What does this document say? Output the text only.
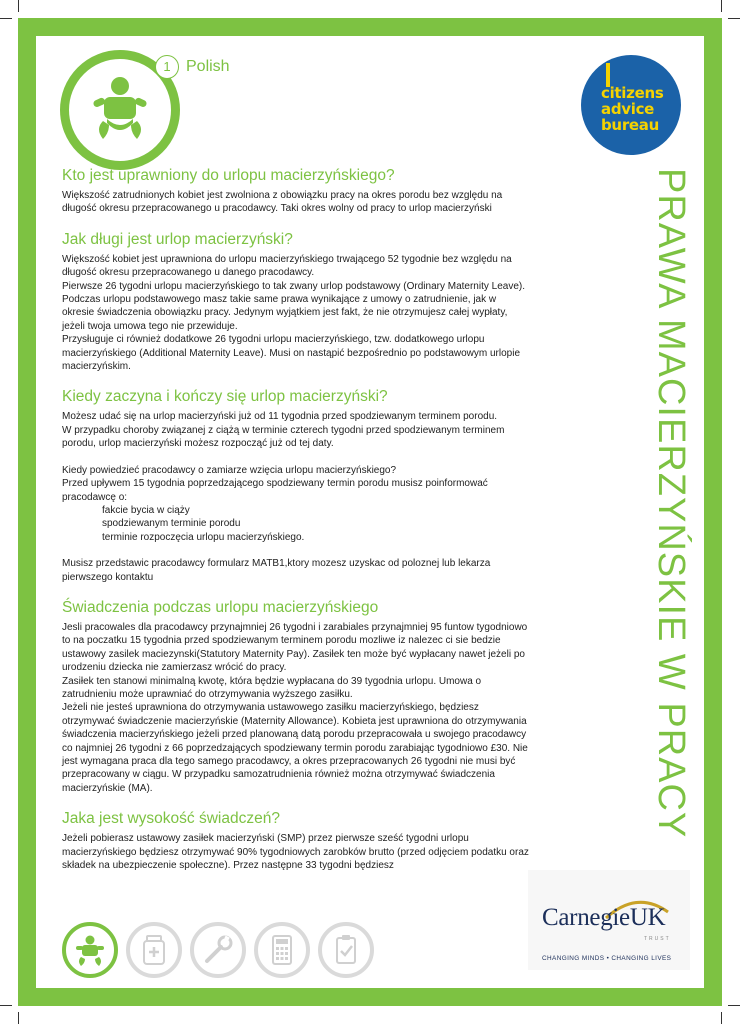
1 Polish
citizens
advice
bureau
PRAWA MACIERZYŃSKIE W PRACY
Kto jest uprawniony do urlopu macierzyńskiego?

Większość zatrudnionych kobiet jest zwolniona z obowiązku pracy na okres porodu bez względu na długość okresu przepracowanego u pracodawcy. Taki okres wolny od pracy to urlop macierzyński

Jak długi jest urlop macierzyński?

Większość kobiet jest uprawniona do urlopu macierzyńskiego trwającego 52 tygodnie bez względu na długość okresu przepracowanego u danego pracodawcy.

Pierwsze 26 tygodni urlopu macierzyńskiego to tak zwany urlop podstawowy (Ordinary Maternity Leave). Podczas urlopu podstawowego masz takie same prawa wynikające z umowy o zatrudnienie, jak w okresie świadczenia obowiązku pracy. Jedynym wyjątkiem jest fakt, że nie otrzymujesz całej wypłaty, jeżeli twoja umowa tego nie przewiduje.

Przysługuje ci również dodatkowe 26 tygodni urlopu macierzyńskiego, tzw. dodatkowego urlopu macierzyńskiego (Additional Maternity Leave). Musi on nastąpić bezpośrednio po podstawowym urlopie macierzyńskim.

Kiedy zaczyna i kończy się urlop macierzyński?

Możesz udać się na urlop macierzyński już od 11 tygodnia przed spodziewanym terminem porodu.

W przypadku choroby związanej z ciążą w terminie czterech tygodni przed spodziewanym terminem porodu, urlop macierzyński możesz rozpocząć już od tej daty.

Kiedy powiedzieć pracodawcy o zamiarze wzięcia urlopu macierzyńskiego?

Przed upływem 15 tygodnia poprzedzającego spodziewany termin porodu musisz poinformować pracodawcę o:

fakcie bycia w ciąży

spodziewanym terminie porodu

terminie rozpoczęcia urlopu macierzyńskiego.

Musisz przedstawic pracodawcy formularz MATB1,ktory mozesz uzyskac od poloznej lub lekarza pierwszego kontaktu

Świadczenia podczas urlopu macierzyńskiego

Jesli pracowales dla pracodawcy przynajmniej 26 tygodni i zarabiales przynajmniej 95 funtow tygodniowo to na poczatku 15 tygodnia przed spodziewanym terminem porodu mozliwe iz nalezec ci sie bedzie ustawowy zasilek maciezynski(Statutory Maternity Pay). Zasiłek ten może być wypłacany nawet jeżeli po urodzeniu dziecka nie zamierzasz wrócić do pracy.

Zasiłek ten stanowi minimalną kwotę, która będzie wypłacana do 39 tygodnia urlopu. Umowa o zatrudnieniu może uprawniać do otrzymywania wyższego zasiłku.

Jeżeli nie jesteś uprawniona do otrzymywania ustawowego zasiłku macierzyńskiego, będziesz otrzymywać świadczenie macierzyńskie (Maternity Allowance). Kobieta jest uprawniona do otrzymywania świadczenia macierzyńskiego jeżeli przed planowaną datą porodu przepracowała u swojego pracodawcy co najmniej 26 tygodni z 66 poprzedzających spodziewany termin porodu zarabiając tygodniowo £30. Nie jest wymagana praca dla tego samego pracodawcy, a okres przepracowanych 26 tygodni nie musi być przepracowany w ciągu. W przypadku samozatrudnienia również można otrzymywać świadczenia macierzyńskie (MA).

Jaka jest wysokość świadczeń?

Jeżeli pobierasz ustawowy zasiłek macierzyński (SMP) przez pierwsze sześć tygodni urlopu macierzyńskiego będziesz otrzymywać 90% tygodniowych zarobków brutto (przed odjęciem podatku oraz składek na ubezpieczenie społeczne). Przez następne 33 tygodni będziesz

CarnegieUK
TRUST
CHANGING MINDS • CHANGING LIVES
